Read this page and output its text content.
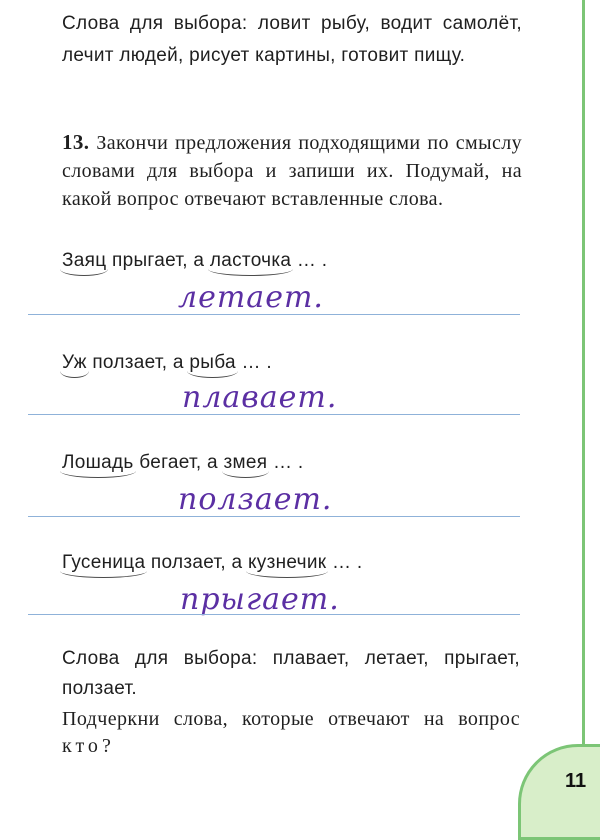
Слова для выбора: ловит рыбу, водит самолёт, лечит людей, рисует картины, готовит пищу.
13. Закончи предложения подходящими по смыслу словами для выбора и запиши их. Подумай, на какой вопрос отвечают вставленные слова.
Заяц прыгает, а ласточка … .
летает.
Уж ползает, а рыба … .
плавает.
Лошадь бегает, а змея … .
ползает.
Гусеница ползает, а кузнечик … .
прыгает.
Слова для выбора: плавает, летает, прыгает, ползает.
Подчеркни слова, которые отвечают на вопрос кто?
11
